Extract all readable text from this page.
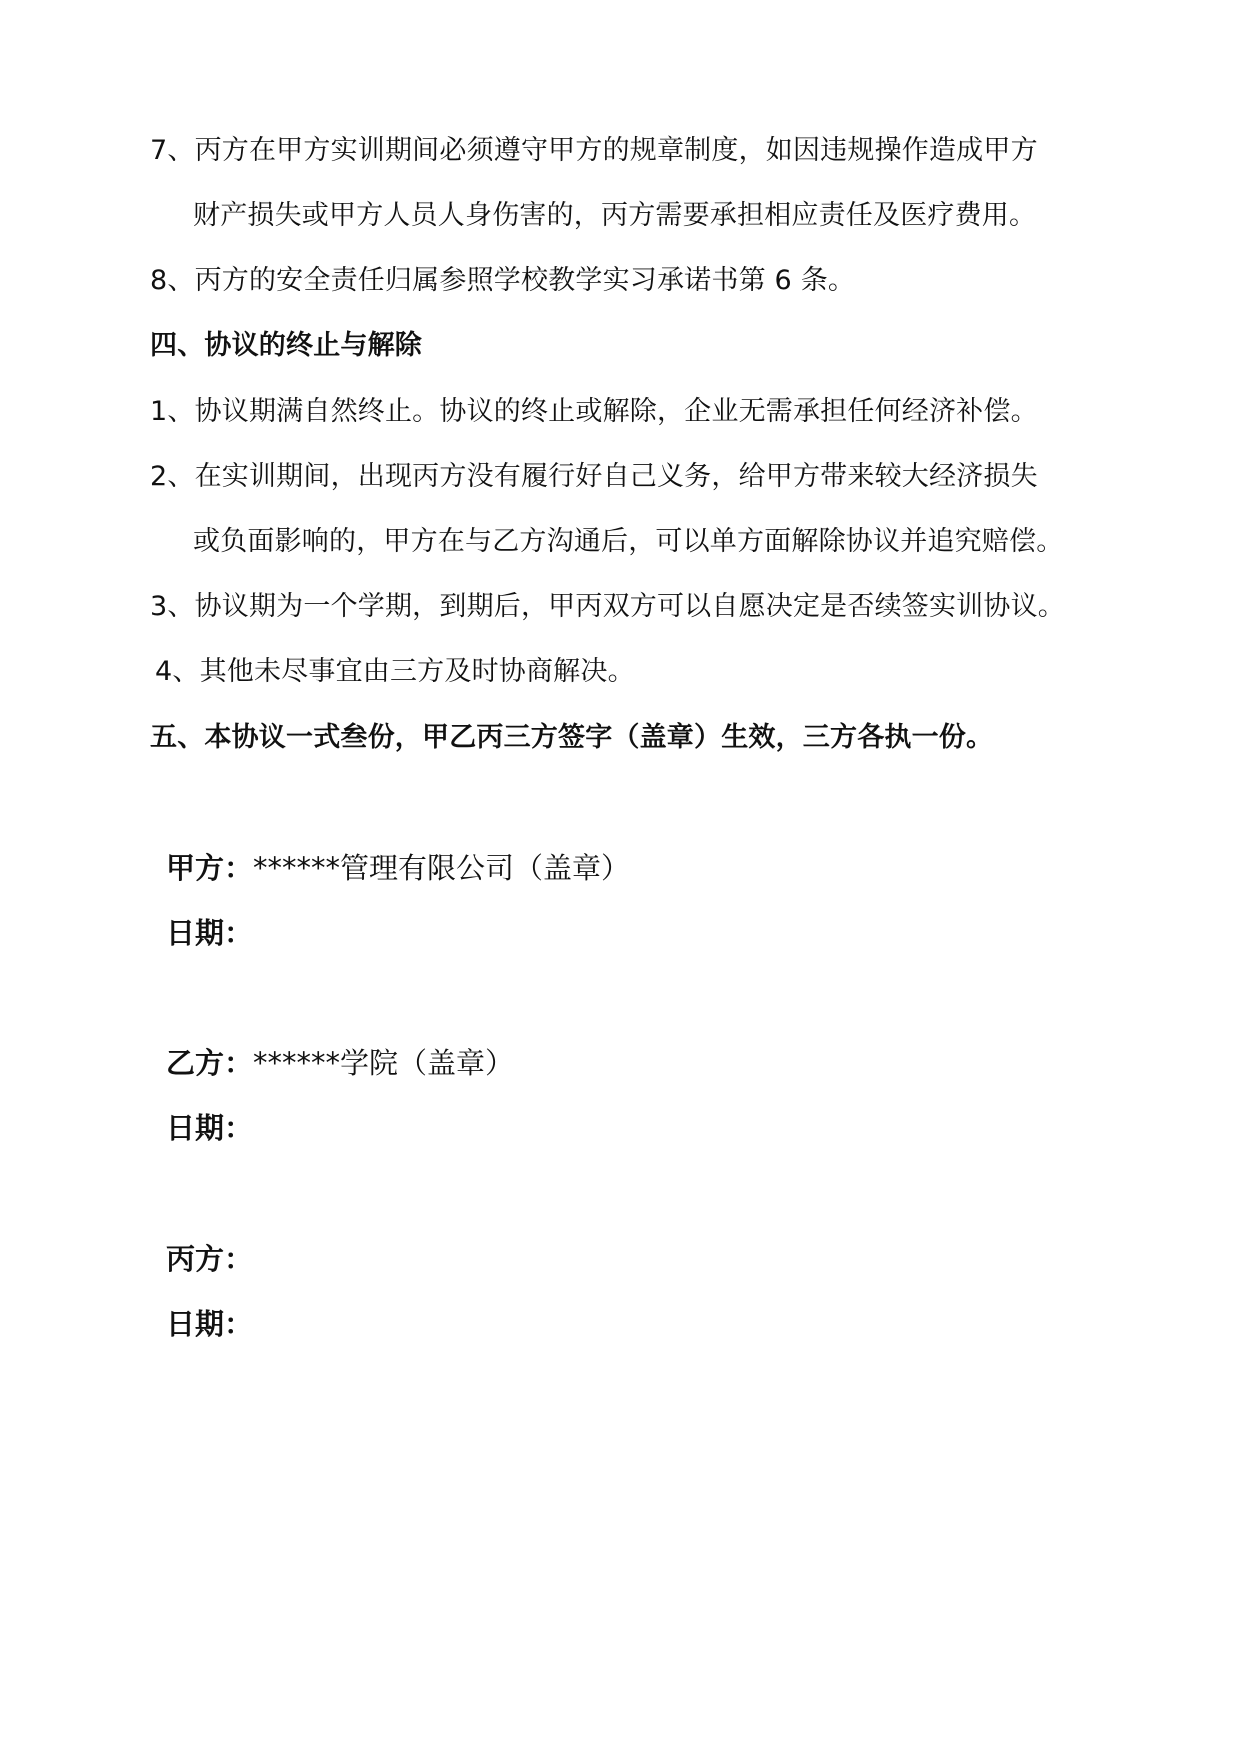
7、丙方在甲方实训期间必须遵守甲方的规章制度，如因违规操作造成甲方
财产损失或甲方人员人身伤害的，丙方需要承担相应责任及医疗费用。
8、丙方的安全责任归属参照学校教学实习承诺书第 6 条。
四、协议的终止与解除
1、协议期满自然终止。协议的终止或解除，企业无需承担任何经济补偿。
2、在实训期间，出现丙方没有履行好自己义务，给甲方带来较大经济损失
或负面影响的，甲方在与乙方沟通后，可以单方面解除协议并追究赔偿。
3、协议期为一个学期，到期后，甲丙双方可以自愿决定是否续签实训协议。
4、其他未尽事宜由三方及时协商解决。
五、本协议一式叁份，甲乙丙三方签字（盖章）生效，三方各执一份。
甲方：******管理有限公司（盖章）
日期：
乙方：******学院（盖章）
日期：
丙方：
日期：
